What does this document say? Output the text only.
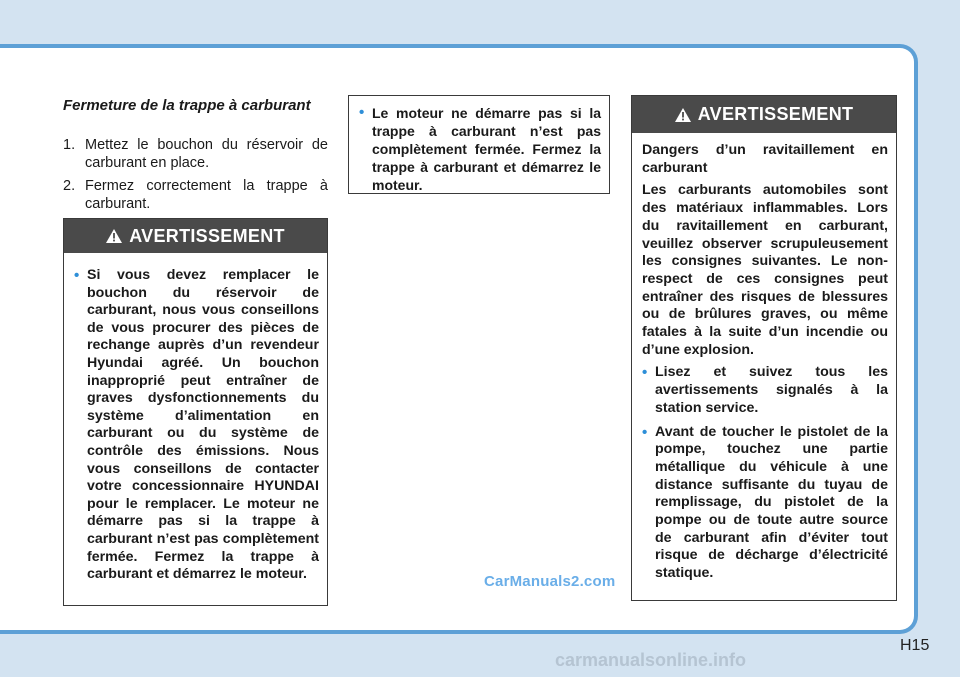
Fermeture de la trappe à carburant
1. Mettez le bouchon du réservoir de carburant en place.
2. Fermez correctement la trappe à carburant.
AVERTISSEMENT

• Si vous devez remplacer le bouchon du réservoir de carburant, nous vous conseillons de vous procurer des pièces de rechange auprès d’un revendeur Hyundai agréé. Un bouchon inapproprié peut entraîner de graves dysfonctionnements du système d’alimentation en carburant ou du système de contrôle des émissions. Nous vous conseillons de contacter votre concessionnaire HYUNDAI pour le remplacer. Le moteur ne démarre pas si la trappe à carburant n’est pas complètement fermée. Fermez la trappe à carburant et démarrez le moteur.

• Le moteur ne démarre pas si la trappe à carburant n’est pas complètement fermée. Fermez la trappe à carburant et démarrez le moteur.

AVERTISSEMENT

Dangers d’un ravitaillement en carburant

Les carburants automobiles sont des matériaux inflammables. Lors du ravitaillement en carburant, veuillez observer scrupuleusement les consignes suivantes. Le non-respect de ces consignes peut entraîner des risques de blessures ou de brûlures graves, ou même fatales à la suite d’un incendie ou d’une explosion.

• Lisez et suivez tous les avertissements signalés à la station service.

• Avant de toucher le pistolet de la pompe, touchez une partie métallique du véhicule à une distance suffisante du tuyau de remplissage, du pistolet de la pompe ou de toute autre source de carburant afin d’éviter tout risque de décharge d’électricité statique.

CarManuals2.com
H15
carmanualsonline.info
